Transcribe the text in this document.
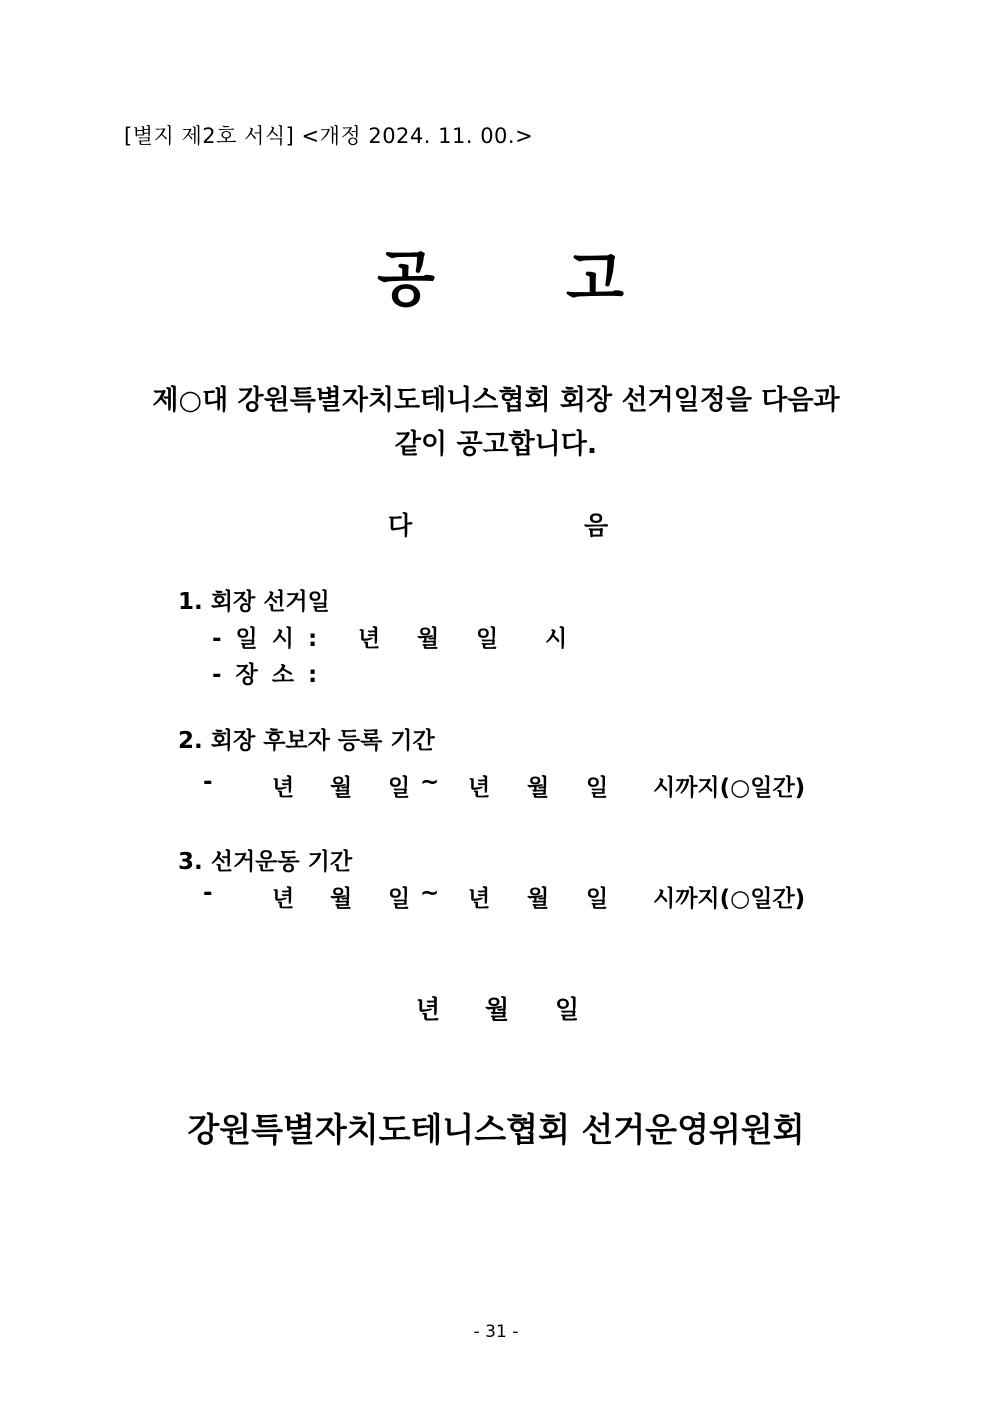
[별지 제2호 서식] <개정 2024. 11. 00.>
공 고
제○대 강원특별자치도테니스협회 회장 선거일정을 다음과
같이 공고합니다.
다	음
1. 회장 선거일
- 일 시 : 년 월 일 시
- 장 소 :
2. 회장 후보자 등록 기간
-	년 월 일 ~ 년 월 일 시까지(○일간)
3. 선거운동 기간
-	년 월 일 ~ 년 월 일 시까지(○일간)
년 월 일
강원특별자치도테니스협회 선거운영위원회
- 31 -
